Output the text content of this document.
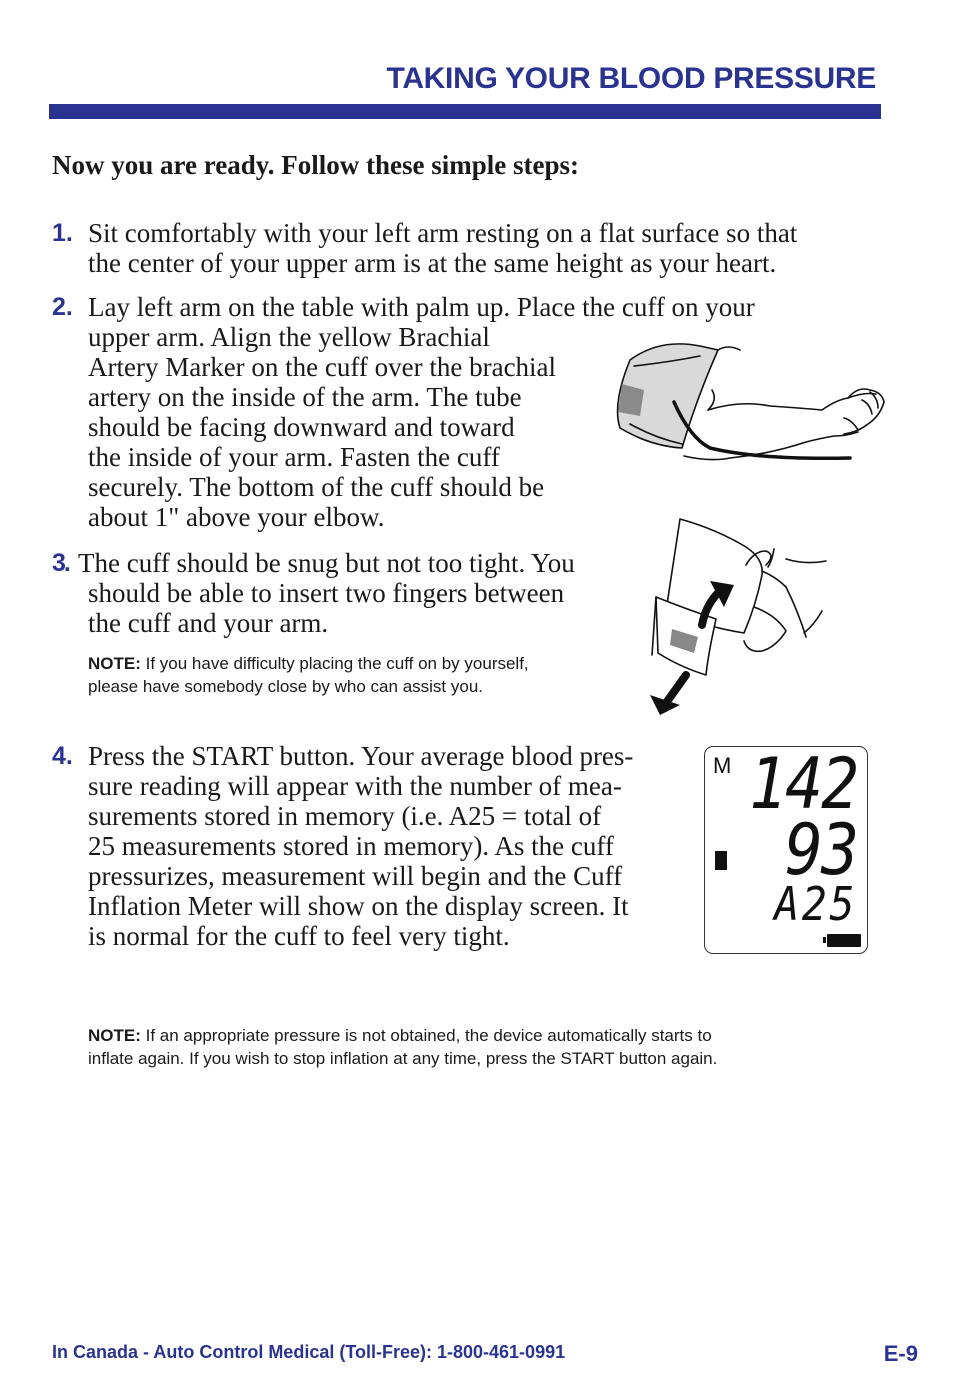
TAKING YOUR BLOOD PRESSURE
Now you are ready. Follow these simple steps:
1. Sit comfortably with your left arm resting on a flat surface so that
the center of your upper arm is at the same height as your heart.
2. Lay left arm on the table with palm up. Place the cuff on your
upper arm. Align the yellow Brachial
Artery Marker on the cuff over the brachial
artery on the inside of the arm. The tube
should be facing downward and toward
the inside of your arm. Fasten the cuff
securely. The bottom of the cuff should be
about 1" above your elbow.
3. The cuff should be snug but not too tight. You
should be able to insert two fingers between
the cuff and your arm.
NOTE: If you have difficulty placing the cuff on by yourself,
please have somebody close by who can assist you.
4. Press the START button. Your average blood pres-
sure reading will appear with the number of mea-
surements stored in memory (i.e. A25 = total of
25 measurements stored in memory). As the cuff
pressurizes, measurement will begin and the Cuff
Inflation Meter will show on the display screen. It
is normal for the cuff to feel very tight.
M 142
93
A25
NOTE: If an appropriate pressure is not obtained, the device automatically starts to
inflate again. If you wish to stop inflation at any time, press the START button again.
In Canada - Auto Control Medical (Toll-Free): 1-800-461-0991	E-9
